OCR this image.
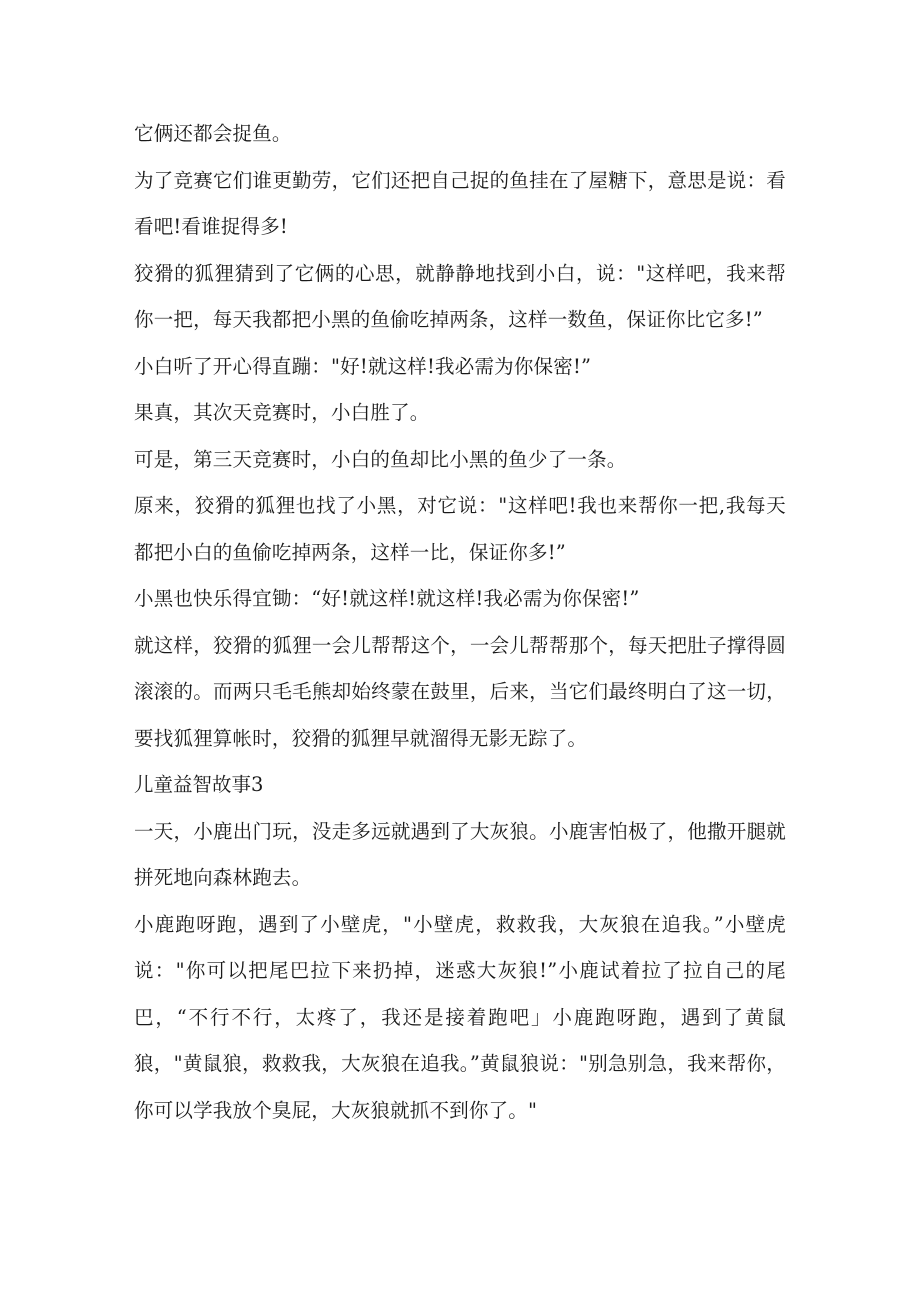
它俩还都会捉鱼。

为了竞赛它们谁更勤劳，它们还把自己捉的鱼挂在了屋糖下，意思是说：看看吧!看谁捉得多!

狡猾的狐狸猜到了它俩的心思，就静静地找到小白，说："这样吧，我来帮你一把，每天我都把小黑的鱼偷吃掉两条，这样一数鱼，保证你比它多!”

小白听了开心得直蹦："好!就这样!我必需为你保密!”

果真，其次天竞赛时，小白胜了。

可是，第三天竞赛时，小白的鱼却比小黑的鱼少了一条。

原来，狡猾的狐狸也找了小黑，对它说："这样吧!我也来帮你一把,我每天都把小白的鱼偷吃掉两条，这样一比，保证你多!”

小黑也快乐得宜锄：“好!就这样!就这样!我必需为你保密!”

就这样，狡猾的狐狸一会儿帮帮这个，一会儿帮帮那个，每天把肚子撑得圆滚滚的。而两只毛毛熊却始终蒙在鼓里，后来，当它们最终明白了这一切，要找狐狸算帐时，狡猾的狐狸早就溜得无影无踪了。

儿童益智故事3

一天，小鹿出门玩，没走多远就遇到了大灰狼。小鹿害怕极了，他撒开腿就拼死地向森林跑去。

小鹿跑呀跑，遇到了小壁虎，"小壁虎，救救我，大灰狼在追我。”小壁虎说："你可以把尾巴拉下来扔掉，迷惑大灰狼!”小鹿试着拉了拉自己的尾巴，“不行不行，太疼了，我还是接着跑吧」小鹿跑呀跑，遇到了黄鼠狼，"黄鼠狼，救救我，大灰狼在追我。”黄鼠狼说："别急别急，我来帮你，你可以学我放个臭屁，大灰狼就抓不到你了。"
